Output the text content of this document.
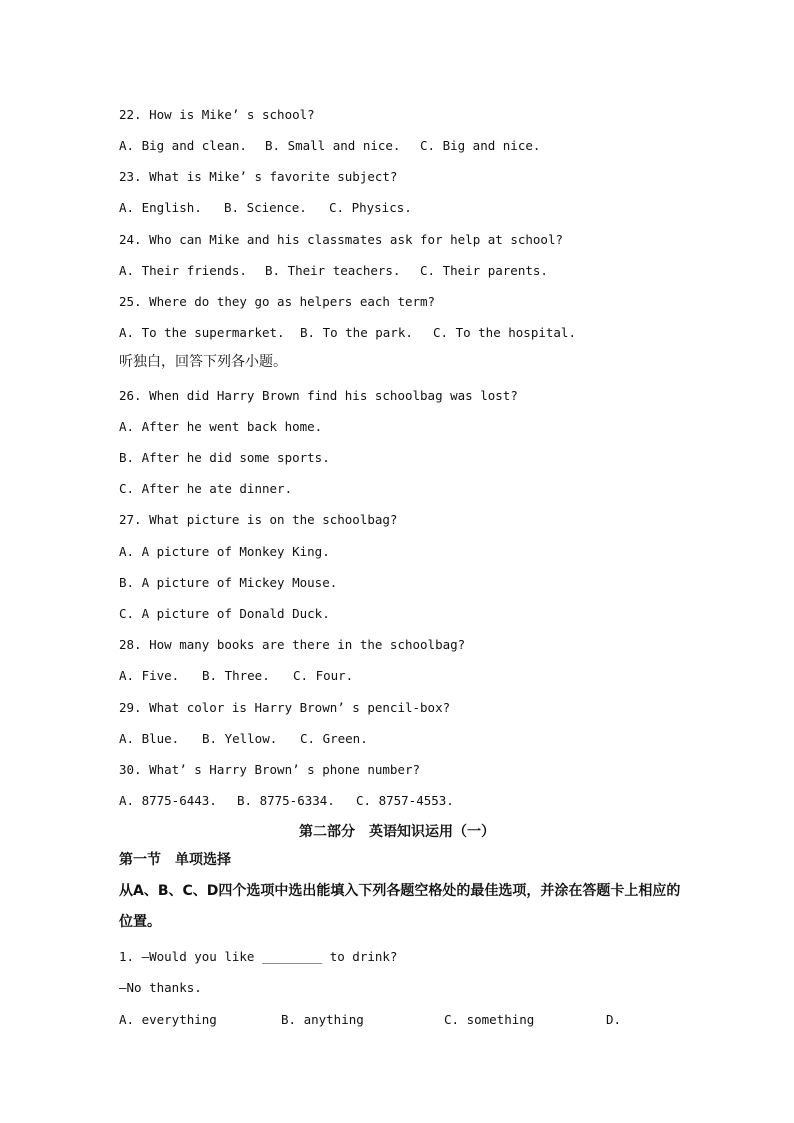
22. How is Mike’ s school?
A. Big and clean. B. Small and nice. C. Big and nice.
23. What is Mike’ s favorite subject?
A. English. B. Science. C. Physics.
24. Who can Mike and his classmates ask for help at school?
A. Their friends. B. Their teachers. C. Their parents.
25. Where do they go as helpers each term?
A. To the supermarket. B. To the park. C. To the hospital.
听独白，回答下列各小题。
26. When did Harry Brown find his schoolbag was lost?
A. After he went back home.
B. After he did some sports.
C. After he ate dinner.
27. What picture is on the schoolbag?
A. A picture of Monkey King.
B. A picture of Mickey Mouse.
C. A picture of Donald Duck.
28. How many books are there in the schoolbag?
A. Five. B. Three. C. Four.
29. What color is Harry Brown’ s pencil-box?
A. Blue. B. Yellow. C. Green.
30. What’ s Harry Brown’ s phone number?
A. 8775-6443. B. 8775-6334. C. 8757-4553.
第二部分　英语知识运用（一）
第一节　单项选择
从A、B、C、D四个选项中选出能填入下列各题空格处的最佳选项，并涂在答题卡上相应的
位置。
1. —Would you like ________ to drink?
—No thanks.
A. everything	B. anything	C. something	D.
